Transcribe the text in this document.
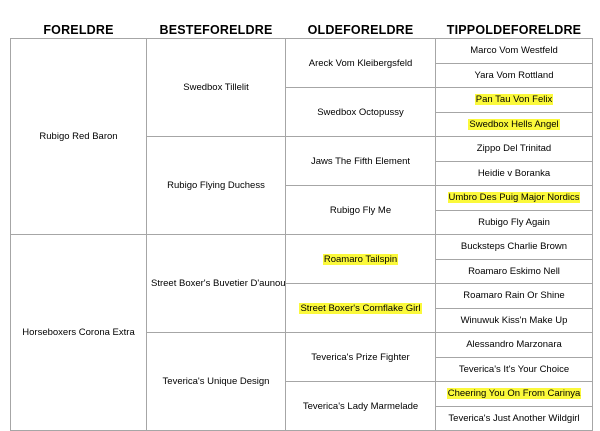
FORELDRE	BESTEFORELDRE	OLDEFORELDRE	TIPPOLDEFORELDRE
Rubigo Red Baron	Swedbox Tillelit	Areck Vom Kleibergsfeld	Marco Vom Westfeld
			Yara Vom Rottland
		Swedbox Octopussy	Pan Tau Von Felix
			Swedbox Hells Angel
	Rubigo Flying Duchess	Jaws The Fifth Element	Zippo Del Trinitad
			Heidie v Boranka
		Rubigo Fly Me	Umbro Des Puig Major Nordics
			Rubigo Fly Again
Horseboxers Corona Extra	Street Boxer's Buvetier D'aunou	Roamaro Tailspin	Bucksteps Charlie Brown
			Roamaro Eskimo Nell
		Street Boxer's Cornflake Girl	Roamaro Rain Or Shine
			Winuwuk Kiss'n Make Up
	Teverica's Unique Design	Teverica's Prize Fighter	Alessandro Marzonara
			Teverica's It's Your Choice
		Teverica's Lady Marmelade	Cheering You On From Carinya
			Teverica's Just Another Wildgirl
